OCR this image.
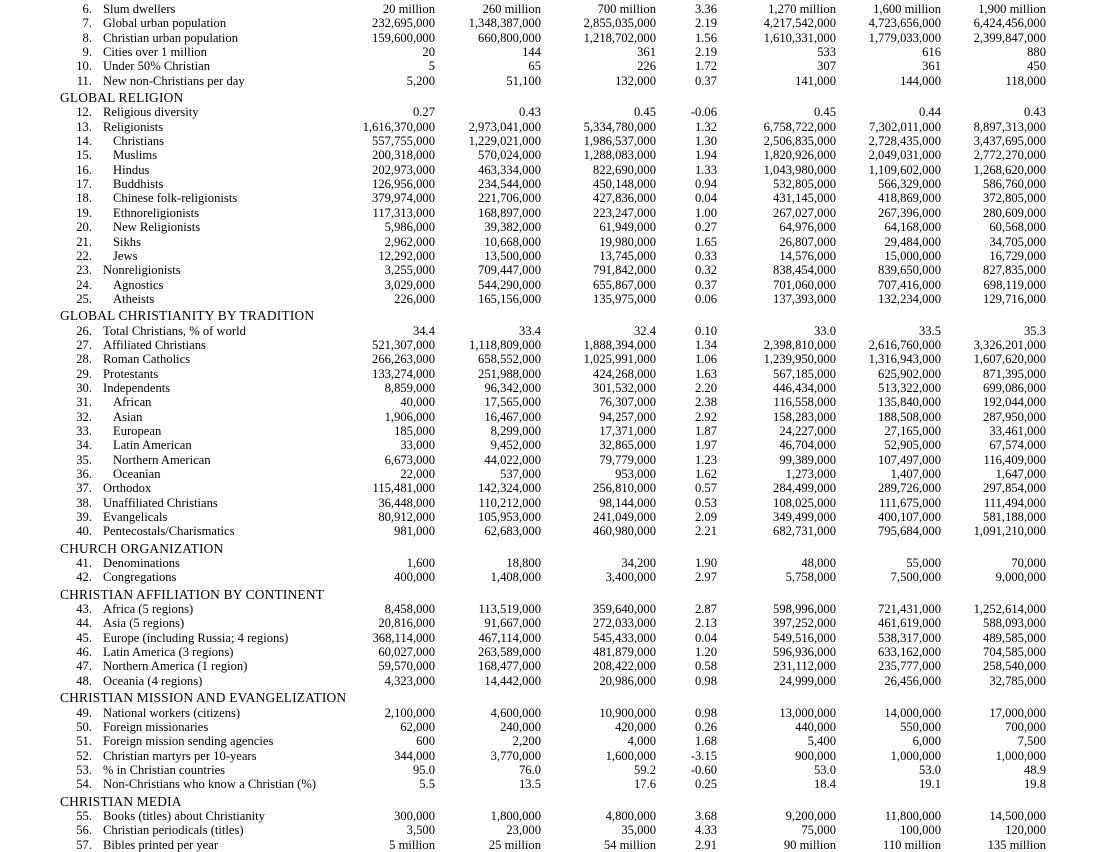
6. Slum dwellers	20 million	260 million	700 million	3.36	1,270 million	1,600 million	1,900 million
7. Global urban population	232,695,000	1,348,387,000	2,855,035,000	2.19	4,217,542,000	4,723,656,000	6,424,456,000
8. Christian urban population	159,600,000	660,800,000	1,218,702,000	1.56	1,610,331,000	1,779,033,000	2,399,847,000
9. Cities over 1 million	20	144	361	2.19	533	616	880
10. Under 50% Christian	5	65	226	1.72	307	361	450
11. New non-Christians per day	5,200	51,100	132,000	0.37	141,000	144,000	118,000
GLOBAL RELIGION
12. Religious diversity	0.27	0.43	0.45	-0.06	0.45	0.44	0.43
13. Religionists	1,616,370,000	2,973,041,000	5,334,780,000	1.32	6,758,722,000	7,302,011,000	8,897,313,000
14.	Christians	557,755,000	1,229,021,000	1,986,537,000	1.30	2,506,835,000	2,728,435,000	3,437,695,000
15.	Muslims	200,318,000	570,024,000	1,288,083,000	1.94	1,820,926,000	2,049,031,000	2,772,270,000
16.	Hindus	202,973,000	463,334,000	822,690,000	1.33	1,043,980,000	1,109,602,000	1,268,620,000
17.	Buddhists	126,956,000	234,544,000	450,148,000	0.94	532,805,000	566,329,000	586,760,000
18.	Chinese folk-religionists	379,974,000	221,706,000	427,836,000	0.04	431,145,000	418,869,000	372,805,000
19.	Ethnoreligionists	117,313,000	168,897,000	223,247,000	1.00	267,027,000	267,396,000	280,609,000
20.	New Religionists	5,986,000	39,382,000	61,949,000	0.27	64,976,000	64,168,000	60,568,000
21.	Sikhs	2,962,000	10,668,000	19,980,000	1.65	26,807,000	29,484,000	34,705,000
22.	Jews	12,292,000	13,500,000	13,745,000	0.33	14,576,000	15,000,000	16,729,000
23. Nonreligionists	3,255,000	709,447,000	791,842,000	0.32	838,454,000	839,650,000	827,835,000
24.	Agnostics	3,029,000	544,290,000	655,867,000	0.37	701,060,000	707,416,000	698,119,000
25.	Atheists	226,000	165,156,000	135,975,000	0.06	137,393,000	132,234,000	129,716,000
GLOBAL CHRISTIANITY BY TRADITION
26. Total Christians, % of world	34.4	33.4	32.4	0.10	33.0	33.5	35.3
27. Affiliated Christians	521,307,000	1,118,809,000	1,888,394,000	1.34	2,398,810,000	2,616,760,000	3,326,201,000
28. Roman Catholics	266,263,000	658,552,000	1,025,991,000	1.06	1,239,950,000	1,316,943,000	1,607,620,000
29. Protestants	133,274,000	251,988,000	424,268,000	1.63	567,185,000	625,902,000	871,395,000
30. Independents	8,859,000	96,342,000	301,532,000	2.20	446,434,000	513,322,000	699,086,000
31.	African	40,000	17,565,000	76,307,000	2.38	116,558,000	135,840,000	192,044,000
32.	Asian	1,906,000	16,467,000	94,257,000	2.92	158,283,000	188,508,000	287,950,000
33.	European	185,000	8,299,000	17,371,000	1.87	24,227,000	27,165,000	33,461,000
34.	Latin American	33,000	9,452,000	32,865,000	1.97	46,704,000	52,905,000	67,574,000
35.	Northern American	6,673,000	44,022,000	79,779,000	1.23	99,389,000	107,497,000	116,409,000
36.	Oceanian	22,000	537,000	953,000	1.62	1,273,000	1,407,000	1,647,000
37. Orthodox	115,481,000	142,324,000	256,810,000	0.57	284,499,000	289,726,000	297,854,000
38. Unaffiliated Christians	36,448,000	110,212,000	98,144,000	0.53	108,025,000	111,675,000	111,494,000
39. Evangelicals	80,912,000	105,953,000	241,049,000	2.09	349,499,000	400,107,000	581,188,000
40. Pentecostals/Charismatics	981,000	62,683,000	460,980,000	2.21	682,731,000	795,684,000	1,091,210,000
CHURCH ORGANIZATION
41. Denominations	1,600	18,800	34,200	1.90	48,000	55,000	70,000
42. Congregations	400,000	1,408,000	3,400,000	2.97	5,758,000	7,500,000	9,000,000
CHRISTIAN AFFILIATION BY CONTINENT
43. Africa (5 regions)	8,458,000	113,519,000	359,640,000	2.87	598,996,000	721,431,000	1,252,614,000
44. Asia (5 regions)	20,816,000	91,667,000	272,033,000	2.13	397,252,000	461,619,000	588,093,000
45. Europe (including Russia; 4 regions)	368,114,000	467,114,000	545,433,000	0.04	549,516,000	538,317,000	489,585,000
46. Latin America (3 regions)	60,027,000	263,589,000	481,879,000	1.20	596,936,000	633,162,000	704,585,000
47. Northern America (1 region)	59,570,000	168,477,000	208,422,000	0.58	231,112,000	235,777,000	258,540,000
48. Oceania (4 regions)	4,323,000	14,442,000	20,986,000	0.98	24,999,000	26,456,000	32,785,000
CHRISTIAN MISSION AND EVANGELIZATION
49. National workers (citizens)	2,100,000	4,600,000	10,900,000	0.98	13,000,000	14,000,000	17,000,000
50. Foreign missionaries	62,000	240,000	420,000	0.26	440,000	550,000	700,000
51. Foreign mission sending agencies	600	2,200	4,000	1.68	5,400	6,000	7,500
52. Christian martyrs per 10-years	344,000	3,770,000	1,600,000	-3.15	900,000	1,000,000	1,000,000
53. % in Christian countries	95.0	76.0	59.2	-0.60	53.0	53.0	48.9
54. Non-Christians who know a Christian (%)	5.5	13.5	17.6	0.25	18.4	19.1	19.8
CHRISTIAN MEDIA
55. Books (titles) about Christianity	300,000	1,800,000	4,800,000	3.68	9,200,000	11,800,000	14,500,000
56. Christian periodicals (titles)	3,500	23,000	35,000	4.33	75,000	100,000	120,000
57. Bibles printed per year	5 million	25 million	54 million	2.91	90 million	110 million	135 million
